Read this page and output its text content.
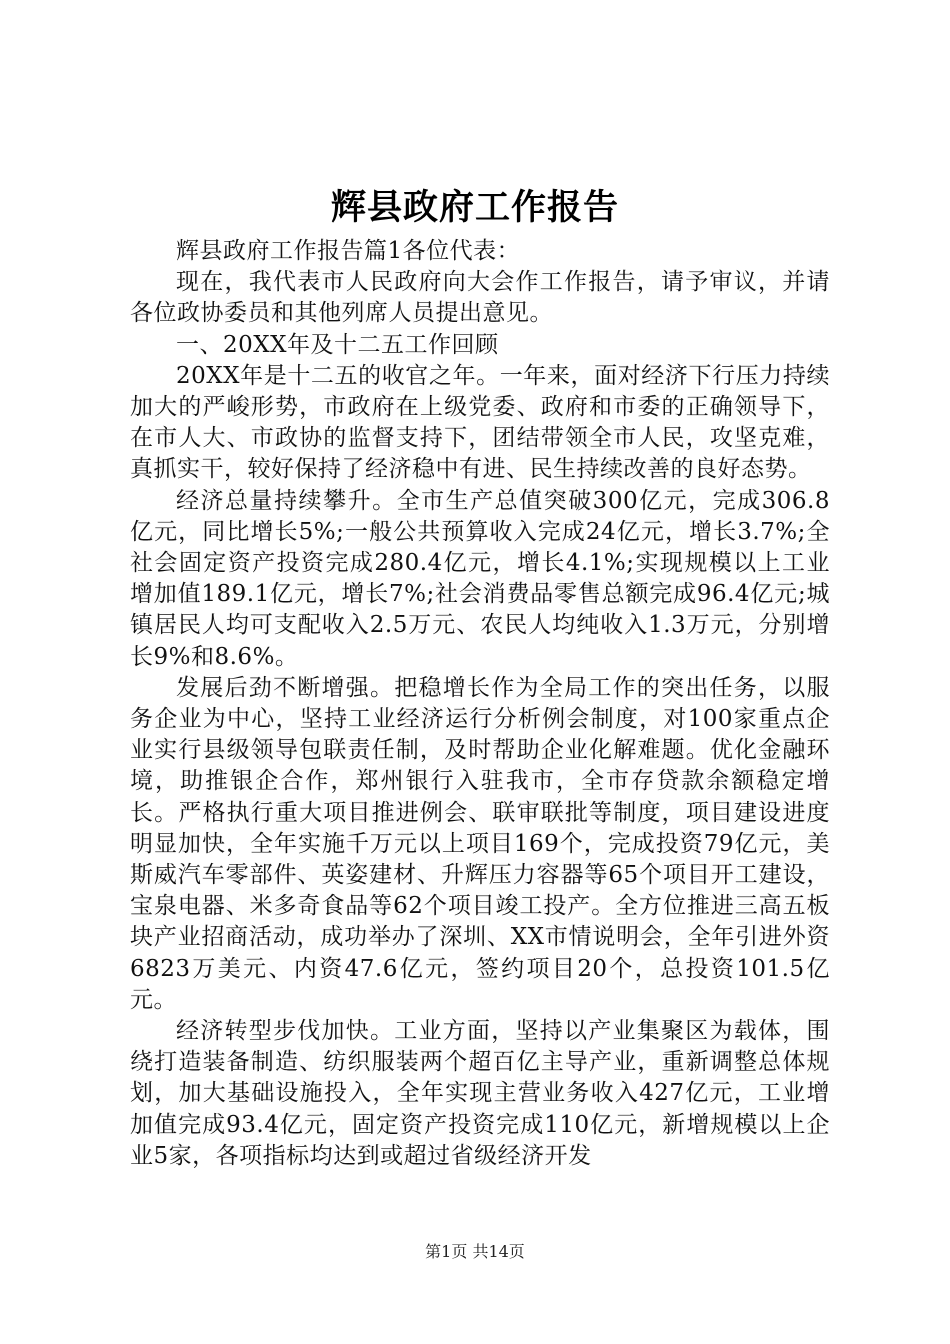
辉县政府工作报告

辉县政府工作报告篇1各位代表：

现在，我代表市人民政府向大会作工作报告，请予审议，并请各位政协委员和其他列席人员提出意见。

一、20XX年及十二五工作回顾

20XX年是十二五的收官之年。一年来，面对经济下行压力持续加大的严峻形势，市政府在上级党委、政府和市委的正确领导下，在市人大、市政协的监督支持下，团结带领全市人民，攻坚克难，真抓实干，较好保持了经济稳中有进、民生持续改善的良好态势。

经济总量持续攀升。全市生产总值突破300亿元，完成306.8亿元，同比增长5%;一般公共预算收入完成24亿元，增长3.7%;全社会固定资产投资完成280.4亿元，增长4.1%;实现规模以上工业增加值189.1亿元，增长7%;社会消费品零售总额完成96.4亿元;城镇居民人均可支配收入2.5万元、农民人均纯收入1.3万元，分别增长9%和8.6%。

发展后劲不断增强。把稳增长作为全局工作的突出任务，以服务企业为中心，坚持工业经济运行分析例会制度，对100家重点企业实行县级领导包联责任制，及时帮助企业化解难题。优化金融环境，助推银企合作，郑州银行入驻我市，全市存贷款余额稳定增长。严格执行重大项目推进例会、联审联批等制度，项目建设进度明显加快，全年实施千万元以上项目169个，完成投资79亿元，美斯威汽车零部件、英姿建材、升辉压力容器等65个项目开工建设，宝泉电器、米多奇食品等62个项目竣工投产。全方位推进三高五板块产业招商活动，成功举办了深圳、XX市情说明会，全年引进外资6823万美元、内资47.6亿元，签约项目20个，总投资101.5亿元。

经济转型步伐加快。工业方面，坚持以产业集聚区为载体，围绕打造装备制造、纺织服装两个超百亿主导产业，重新调整总体规划，加大基础设施投入，全年实现主营业务收入427亿元，工业增加值完成93.4亿元，固定资产投资完成110亿元，新增规模以上企业5家，各项指标均达到或超过省级经济开发

第1页 共14页
